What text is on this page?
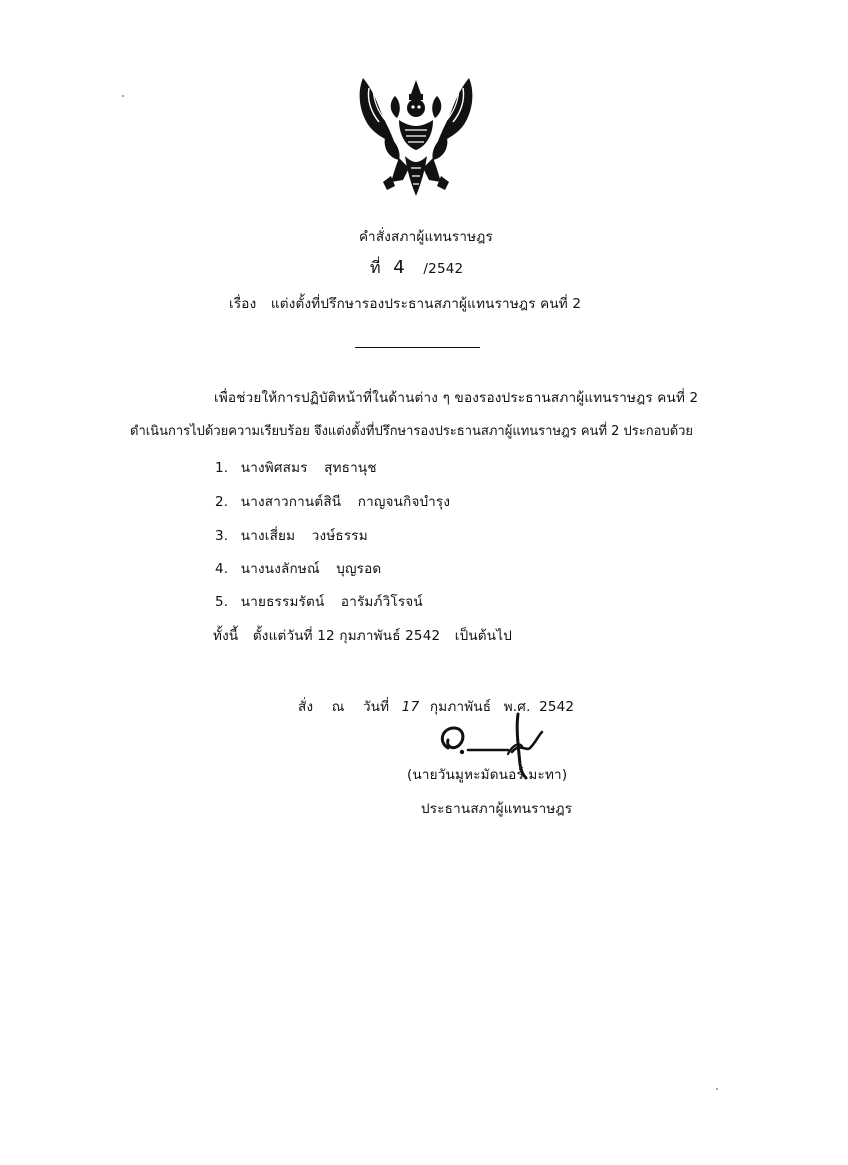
คำสั่งสภาผู้แทนราษฎร
ที่ 4 /2542
เรื่อง แต่งตั้งที่ปรึกษารองประธานสภาผู้แทนราษฎร คนที่ 2
เพื่อช่วยให้การปฏิบัติหน้าที่ในด้านต่าง ๆ ของรองประธานสภาผู้แทนราษฎร คนที่ 2
ดำเนินการไปด้วยความเรียบร้อย จึงแต่งตั้งที่ปรึกษารองประธานสภาผู้แทนราษฎร คนที่ 2 ประกอบด้วย
1. นางพิศสมร สุทธานุช
2. นางสาวกานต์สินี กาญจนกิจบำรุง
3. นางเสี่ยม วงษ์ธรรม
4. นางนงลักษณ์ บุญรอด
5. นายธรรมรัตน์ อารัมภ์วิโรจน์
ทั้งนี้ ตั้งแต่วันที่ 12 กุมภาพันธ์ 2542 เป็นต้นไป
สั่ง ณ วันที่ 17 กุมภาพันธ์ พ.ศ. 2542
(นายวันมูหะมัดนอร์ มะทา)
ประธานสภาผู้แทนราษฎร
